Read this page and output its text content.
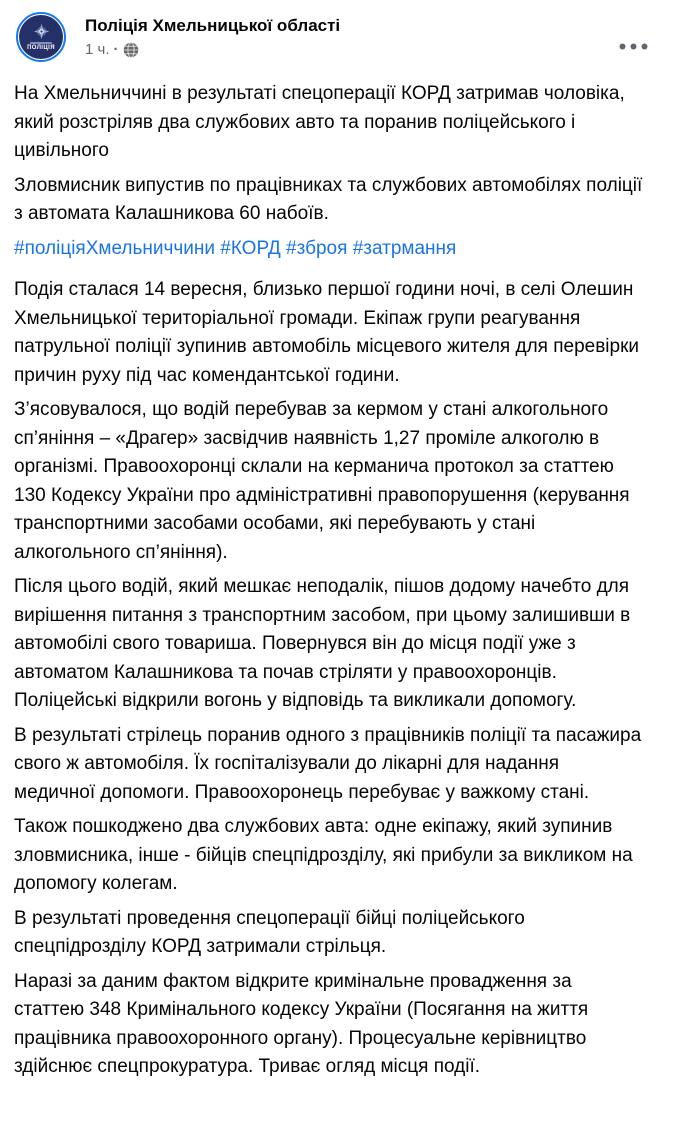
ПОЛІЦІЯ
Поліція Хмельницької області
1 ч. ·

На Хмельниччині в результаті спецоперації КОРД затримав чоловіка, який розстріляв два службових авто та поранив поліцейського і цивільного

Зловмисник випустив по працівниках та службових автомобілях поліції з автомата Калашникова 60 набоїв.

#поліціяХмельниччини #КОРД #зброя #затрмання

Подія сталася 14 вересня, близько першої години ночі, в селі Олешин Хмельницької територіальної громади. Екіпаж групи реагування патрульної поліції зупинив автомобіль місцевого жителя для перевірки причин руху під час комендантської години.

З’ясовувалося, що водій перебував за кермом у стані алкогольного сп’яніння – «Драгер» засвідчив наявність 1,27 проміле алкоголю в організмі. Правоохоронці склали на керманича протокол за статтею 130 Кодексу України про адміністративні правопорушення (керування транспортними засобами особами, які перебувають у стані алкогольного сп’яніння).

Після цього водій, який мешкає неподалік, пішов додому начебто для вирішення питання з транспортним засобом, при цьому залишивши в автомобілі свого товариша. Повернувся він до місця події уже з автоматом Калашникова та почав стріляти у правоохоронців. Поліцейські відкрили вогонь у відповідь та викликали допомогу.

В результаті стрілець поранив одного з працівників поліції та пасажира свого ж автомобіля. Їх госпіталізували до лікарні для надання медичної допомоги. Правоохоронець перебуває у важкому стані.

Також пошкоджено два службових авта: одне екіпажу, який зупинив зловмисника, інше - бійців спецпідрозділу, які прибули за викликом на допомогу колегам.

В результаті проведення спецоперації бійці поліцейського спецпідрозділу КОРД затримали стрільця.

Наразі за даним фактом відкрите кримінальне провадження за статтею 348 Кримінального кодексу України (Посягання на життя працівника правоохоронного органу). Процесуальне керівництво здійснює спецпрокуратура. Триває огляд місця події.
